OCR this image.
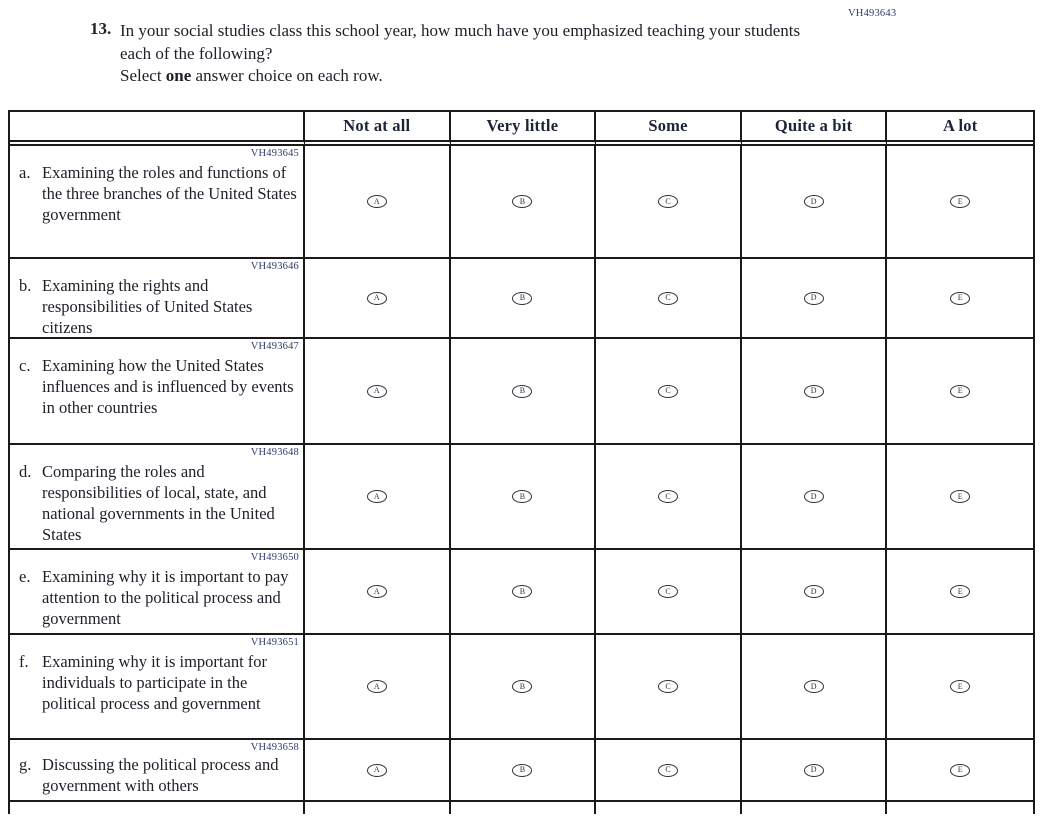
VH493643
13. In your social studies class this school year, how much have you emphasized teaching your students each of the following?
Select one answer choice on each row.
Not at all	Very little	Some	Quite a bit	A lot
VH493645
a. Examining the roles and functions of the three branches of the United States government
A	B	C	D	E
VH493646
b. Examining the rights and responsibilities of United States citizens
A	B	C	D	E
VH493647
c. Examining how the United States influences and is influenced by events in other countries
A	B	C	D	E
VH493648
d. Comparing the roles and responsibilities of local, state, and national governments in the United States
A	B	C	D	E
VH493650
e. Examining why it is important to pay attention to the political process and government
A	B	C	D	E
VH493651
f. Examining why it is important for individuals to participate in the political process and government
A	B	C	D	E
VH493658
g. Discussing the political process and government with others
A	B	C	D	E
